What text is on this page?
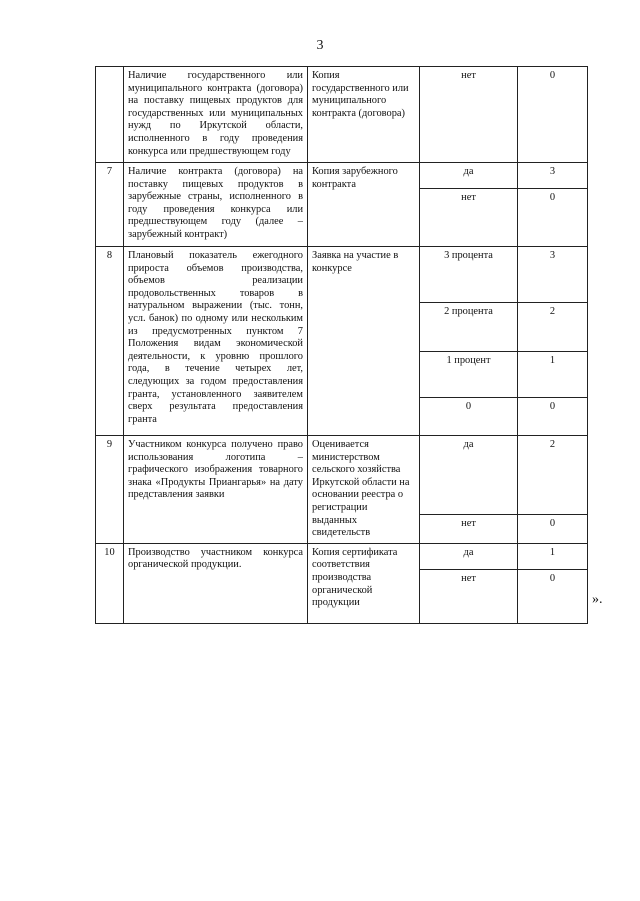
3
	Наличие государственного или муниципального контракта (договора) на поставку пищевых продуктов для государственных или муниципальных нужд по Иркутской области, исполненного в году проведения конкурса или предшествующем году	Копия государственного или муниципального контракта (договора)	нет	0
7	Наличие контракта (договора) на поставку пищевых продуктов в зарубежные страны, исполненного в году проведения конкурса или предшествующем году (далее – зарубежный контракт)	Копия зарубежного контракта	да	3
			нет	0
8	Плановый показатель ежегодного прироста объемов производства, объемов реализации продовольственных товаров в натуральном выражении (тыс. тонн, усл. банок) по одному или нескольким из предусмотренных пунктом 7 Положения видам экономической деятельности, к уровню прошлого года, в течение четырех лет, следующих за годом предоставления гранта, установленного заявителем сверх результата предоставления гранта	Заявка на участие в конкурсе	3 процента	3
			2 процента	2
			1 процент	1
			0	0
9	Участником конкурса получено право использования логотипа – графического изображения товарного знака «Продукты Приангарья» на дату представления заявки	Оценивается министерством сельского хозяйства Иркутской области на основании реестра о регистрации выданных свидетельств	да	2
			нет	0
10	Производство участником конкурса органической продукции.	Копия сертификата соответствия производства органической продукции	да	1
			нет	0
».
